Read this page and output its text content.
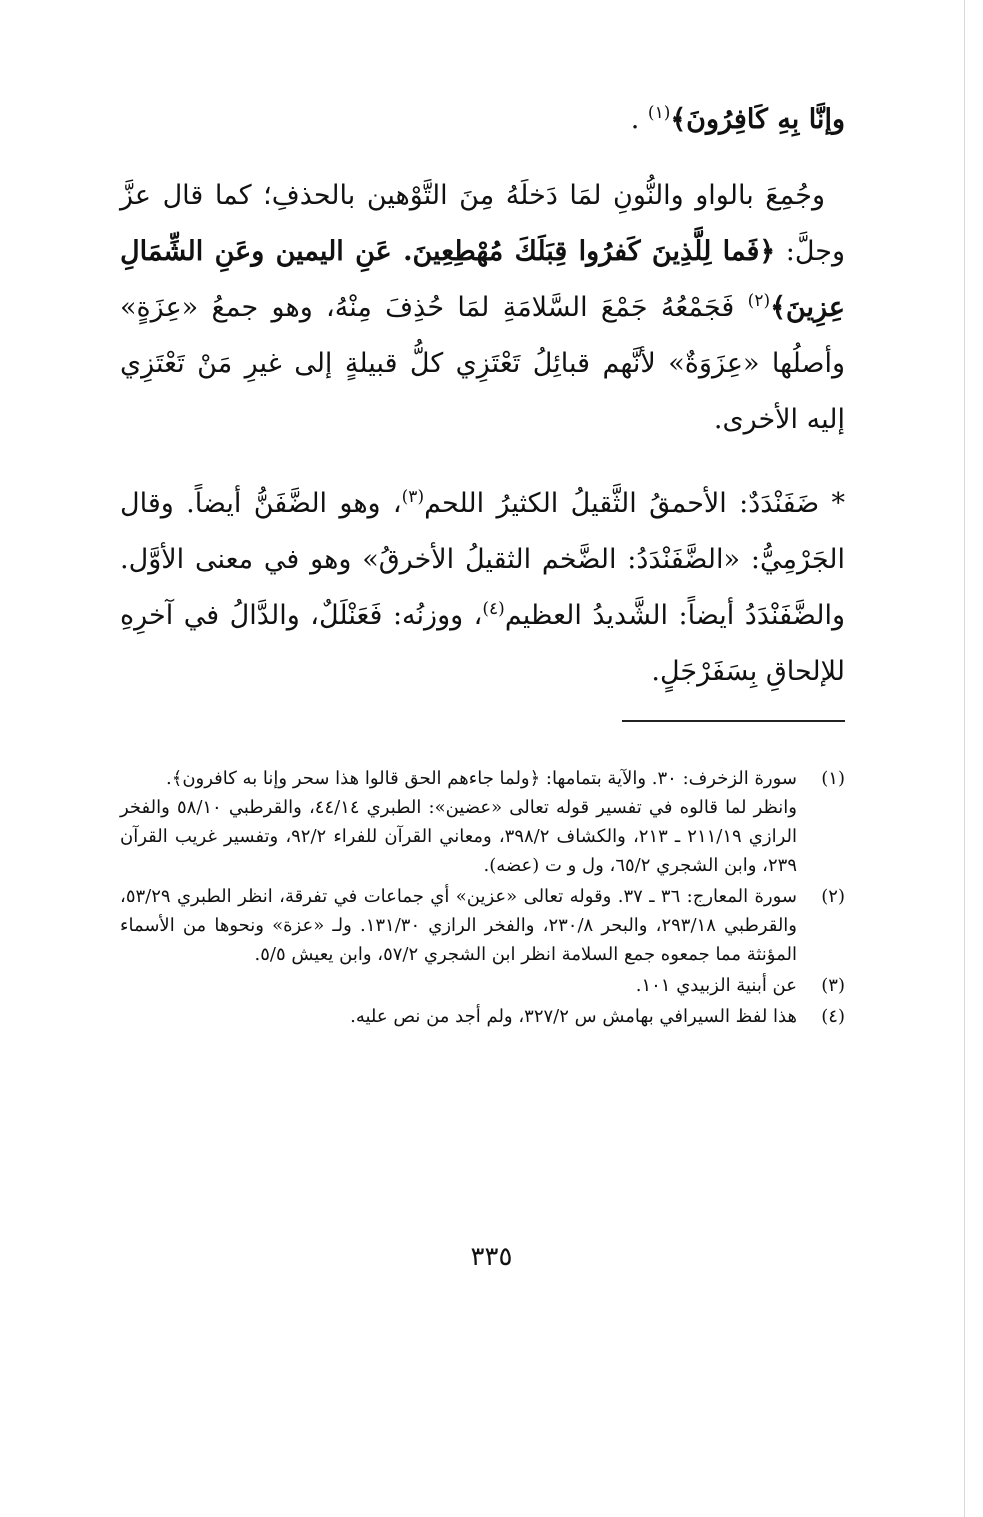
وإنَّا بِهِ كَافِرُونَ﴾$^{(١)}$ .

وجُمِعَ بالواو والنُّونِ لمَا دَخلَهُ مِنَ التَّوْهين بالحذفِ؛ كما قال عزَّ وجلَّ: ﴿فَما لِلَّذِينَ كَفرُوا قِبَلَكَ مُهْطِعِينَ. عَنِ اليمين وعَنِ الشِّمَالِ عِزِينَ﴾$^{(٢)}$ فَجَمْعُهُ جَمْعَ السَّلامَةِ لمَا حُذِفَ مِنْهُ، وهو جمعُ «عِزَةٍ» وأصلُها «عِزَوَةٌ» لأنَّهم قبائِلُ تَعْتَزِي كلُّ قبيلةٍ إلى غيرِ مَنْ تَعْتَزِي إليه الأخرى.

* ضَفَنْدَدٌ: الأحمقُ الثَّقيلُ الكثيرُ اللحم$^{(٣)}$، وهو الضَّفَنُّ أيضاً. وقال الجَرْمِيُّ: «الضَّفَنْدَدُ: الضَّخم الثقيلُ الأخرقُ» وهو في معنى الأوَّل. والضَّفَنْدَدُ أيضاً: الشَّديدُ العظيم$^{(٤)}$، ووزنُه: فَعَنْلَلٌ، والدَّالُ في آخرِهِ للإلحاقِ بِسَفَرْجَلٍ.

(١)

سورة الزخرف: ٣٠. والآية بتمامها: ﴿ولما جاءهم الحق قالوا هذا سحر وإنا به كافرون﴾.

وانظر لما قالوه في تفسير قوله تعالى «عضين»: الطبري ٤٤/١٤، والقرطبي ٥٨/١٠ والفخر الرازي ٢١١/١٩ ـ ٢١٣، والكشاف ٣٩٨/٢، ومعاني القرآن للفراء ٩٢/٢، وتفسير غريب القرآن ٢٣٩، وابن الشجري ٦٥/٢، ول و ت (عضه).

(٢)

سورة المعارج: ٣٦ ـ ٣٧. وقوله تعالى «عزين» أي جماعات في تفرقة، انظر الطبري ٥٣/٢٩، والقرطبي ٢٩٣/١٨، والبحر ٢٣٠/٨، والفخر الرازي ١٣١/٣٠. ولـ «عزة» ونحوها من الأسماء المؤنثة مما جمعوه جمع السلامة انظر ابن الشجري ٥٧/٢، وابن يعيش ٥/٥.

(٣)

عن أبنية الزبيدي ١٠١.

(٤)

هذا لفظ السيرافي بهامش س ٣٢٧/٢، ولم أجد من نص عليه.

٣٣٥
